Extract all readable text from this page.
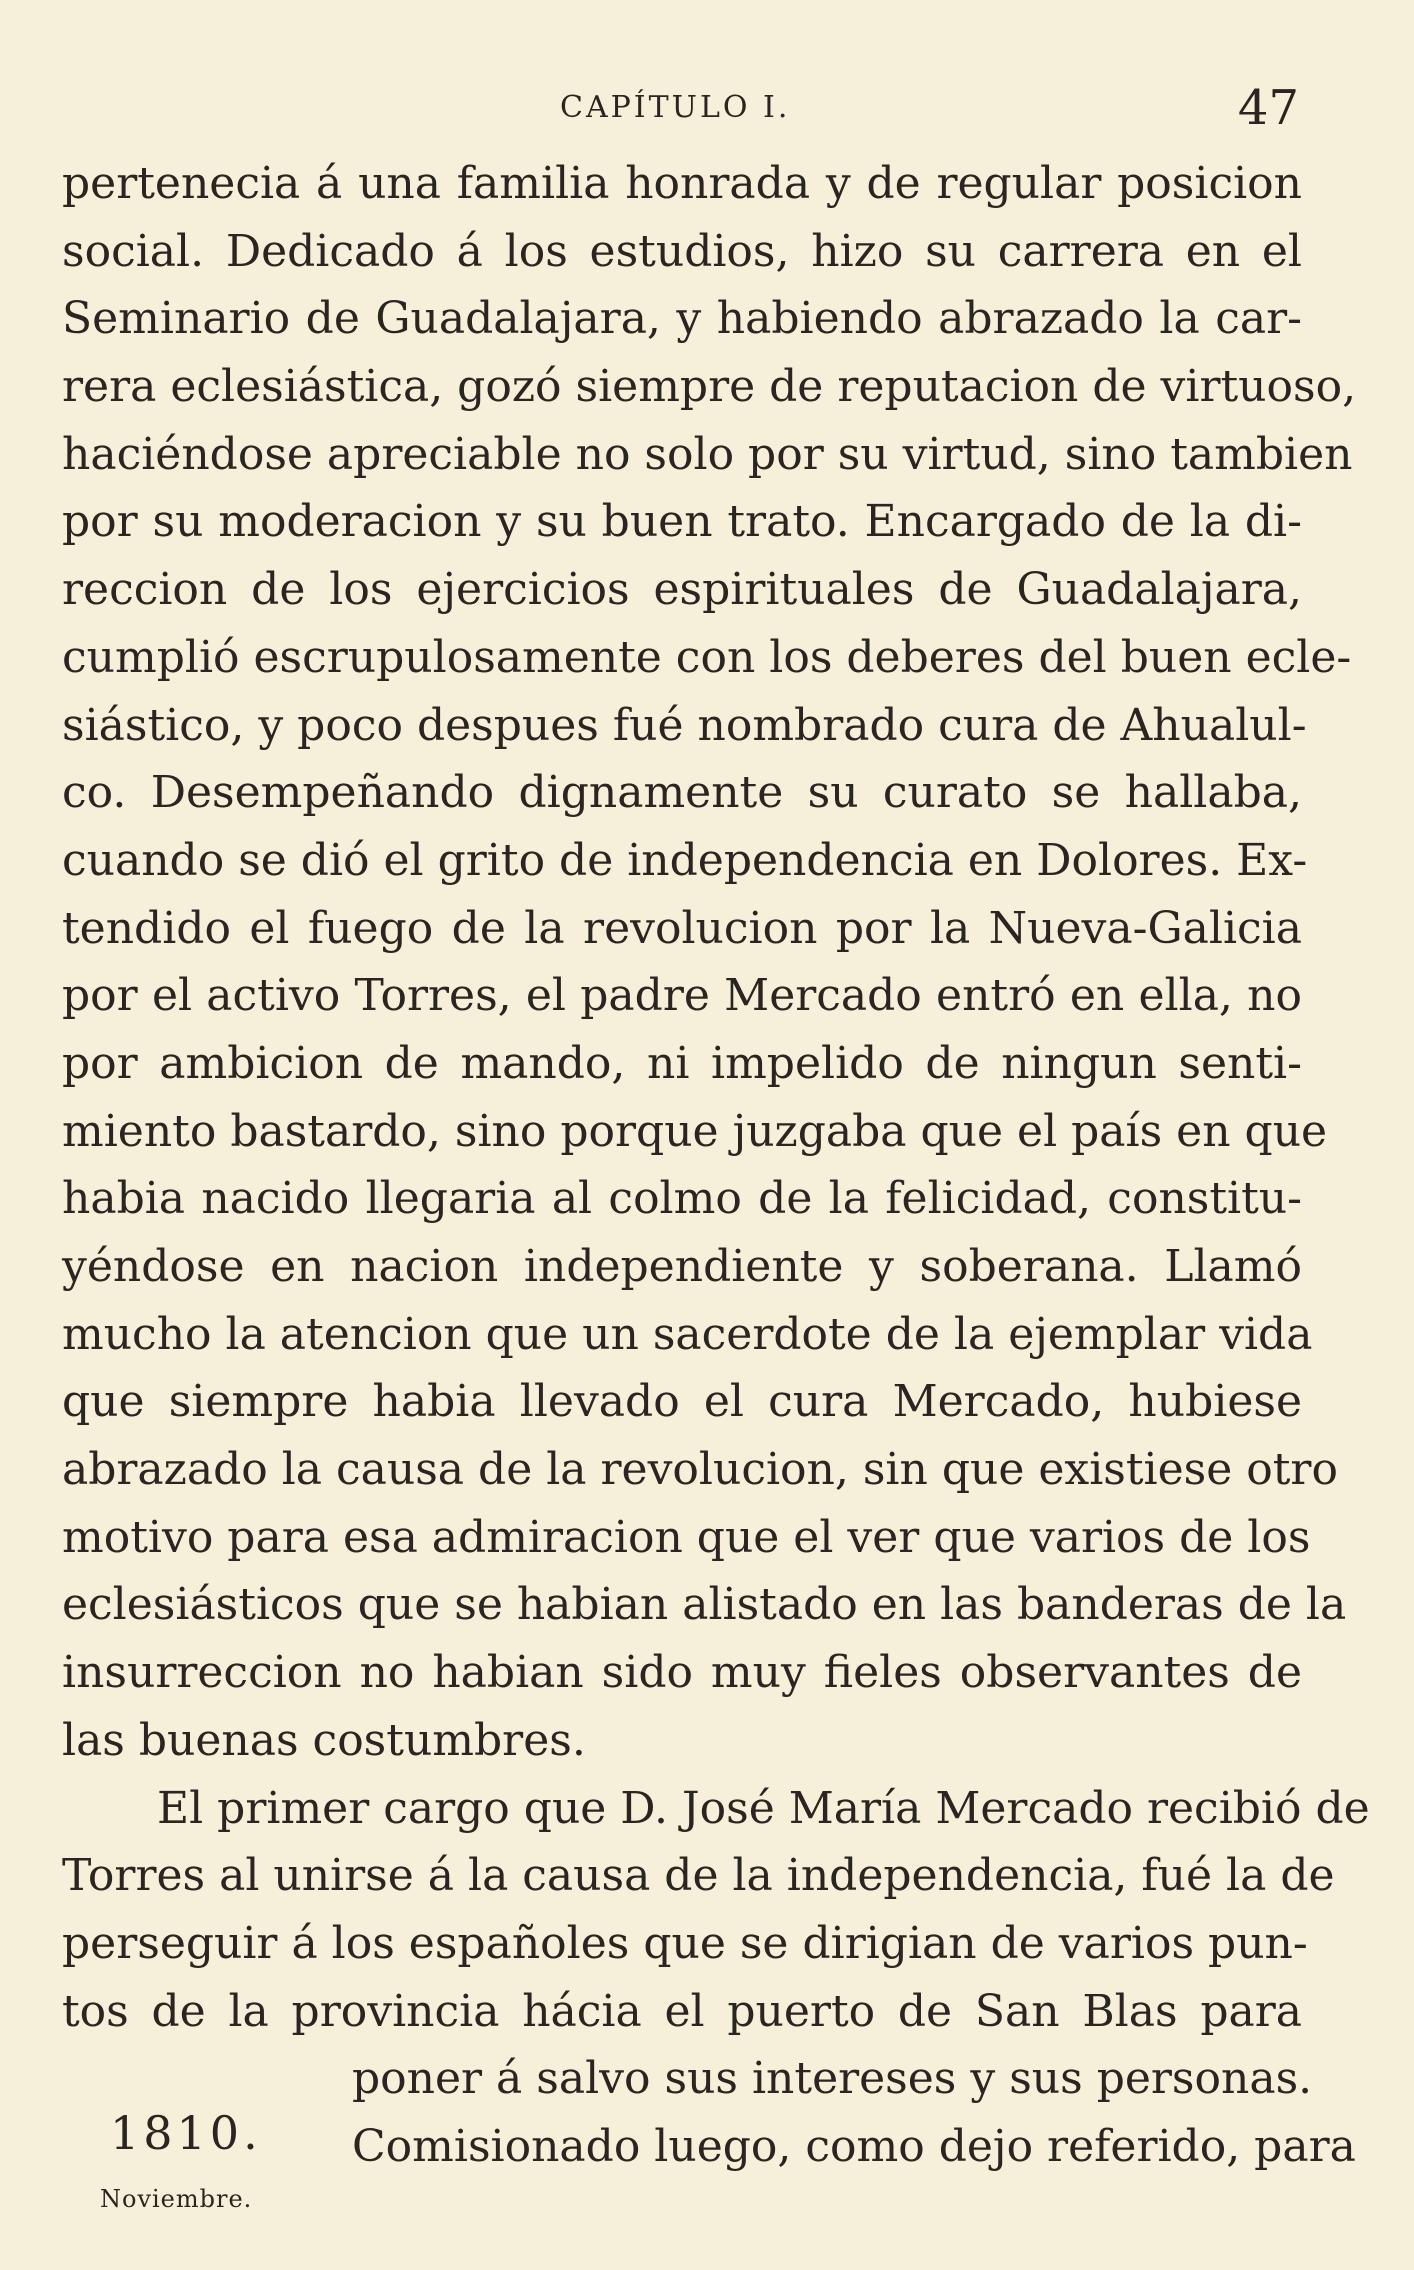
CAPÍTULO I.	47
pertenecia á una familia honrada y de regular posicion
social. Dedicado á los estudios, hizo su carrera en el
Seminario de Guadalajara, y habiendo abrazado la car-
rera eclesiástica, gozó siempre de reputacion de virtuoso,
haciéndose apreciable no solo por su virtud, sino tambien
por su moderacion y su buen trato. Encargado de la di-
reccion de los ejercicios espirituales de Guadalajara,
cumplió escrupulosamente con los deberes del buen ecle-
siástico, y poco despues fué nombrado cura de Ahualul-
co. Desempeñando dignamente su curato se hallaba,
cuando se dió el grito de independencia en Dolores. Ex-
tendido el fuego de la revolucion por la Nueva-Galicia
por el activo Torres, el padre Mercado entró en ella, no
por ambicion de mando, ni impelido de ningun senti-
miento bastardo, sino porque juzgaba que el país en que
habia nacido llegaria al colmo de la felicidad, constitu-
yéndose en nacion independiente y soberana. Llamó
mucho la atencion que un sacerdote de la ejemplar vida
que siempre habia llevado el cura Mercado, hubiese
abrazado la causa de la revolucion, sin que existiese otro
motivo para esa admiracion que el ver que varios de los
eclesiásticos que se habian alistado en las banderas de la
insurreccion no habian sido muy fieles observantes de
las buenas costumbres.
El primer cargo que D. José María Mercado recibió de
Torres al unirse á la causa de la independencia, fué la de
perseguir á los españoles que se dirigian de varios pun-
tos de la provincia hácia el puerto de San Blas para
poner á salvo sus intereses y sus personas.
Comisionado luego, como dejo referido, para
1810.
Noviembre.
